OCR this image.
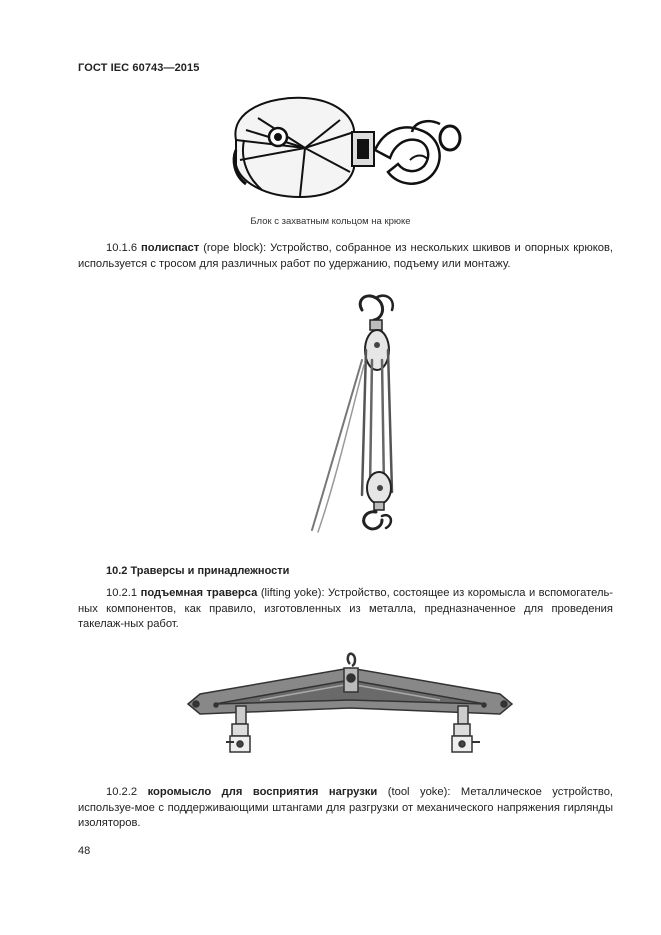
ГОСТ IEC 60743—2015
Блок с захватным кольцом на крюке
10.1.6 полиспаст (rope block): Устройство, собранное из нескольких шкивов и опорных крюков, используется с тросом для различных работ по удержанию, подъему или монтажу.
10.2 Траверсы и принадлежности
10.2.1 подъемная траверса (lifting yoke): Устройство, состоящее из коромысла и вспомогатель-ных компонентов, как правило, изготовленных из металла, предназначенное для проведения такелаж-ных работ.
10.2.2 коромысло для восприятия нагрузки (tool yoke): Металлическое устройство, используе-мое с поддерживающими штангами для разгрузки от механического напряжения гирлянды изоляторов.
48
